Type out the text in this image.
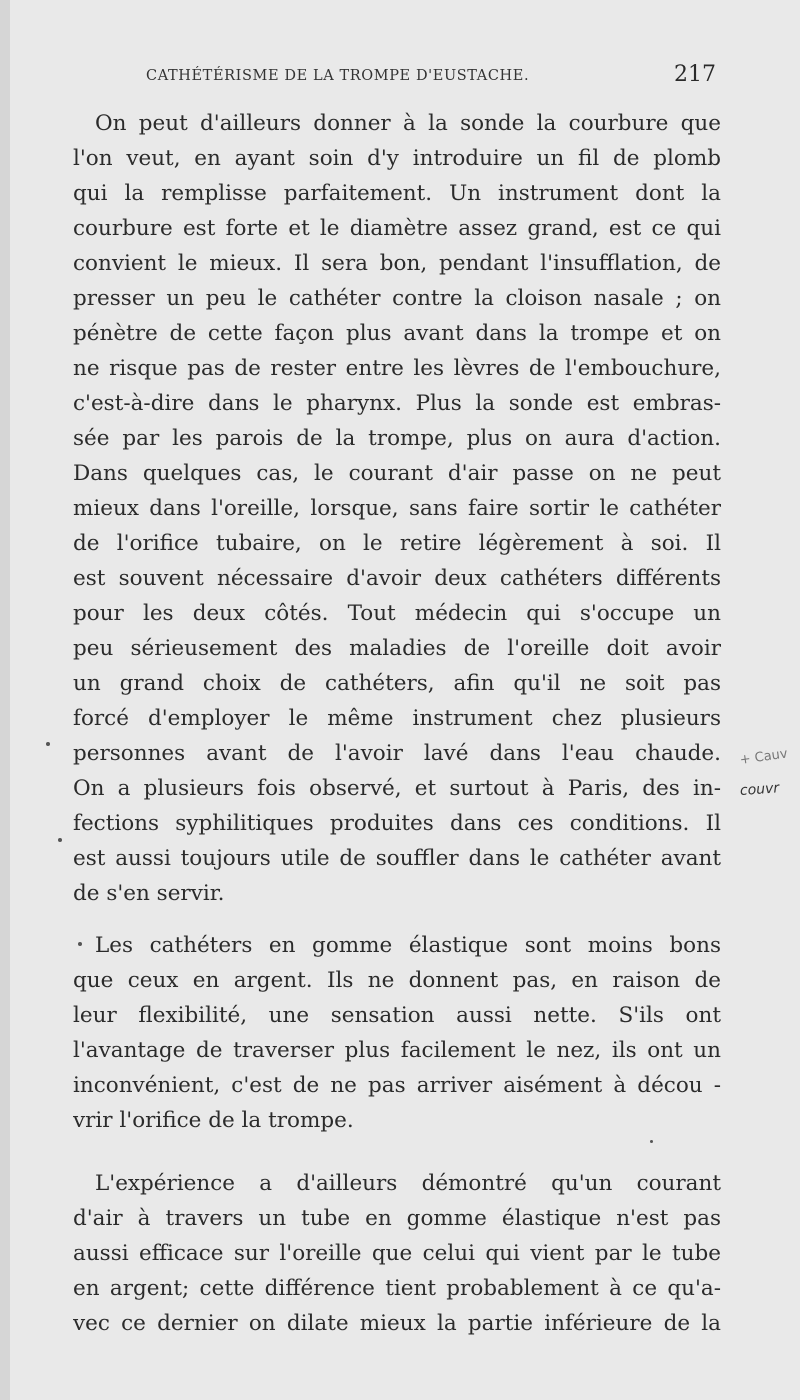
CATHÉTÉRISME DE LA TROMPE D'EUSTACHE.	217
On peut d'ailleurs donner à la sonde la courbure que
l'on veut, en ayant soin d'y introduire un fil de plomb
qui la remplisse parfaitement. Un instrument dont la
courbure est forte et le diamètre assez grand, est ce qui
convient le mieux. Il sera bon, pendant l'insufflation, de
presser un peu le cathéter contre la cloison nasale ; on
pénètre de cette façon plus avant dans la trompe et on
ne risque pas de rester entre les lèvres de l'embouchure,
c'est-à-dire dans le pharynx. Plus la sonde est embras-
sée par les parois de la trompe, plus on aura d'action.
Dans quelques cas, le courant d'air passe on ne peut
mieux dans l'oreille, lorsque, sans faire sortir le cathéter
de l'orifice tubaire, on le retire légèrement à soi. Il
est souvent nécessaire d'avoir deux cathéters différents
pour les deux côtés. Tout médecin qui s'occupe un
peu sérieusement des maladies de l'oreille doit avoir
un grand choix de cathéters, afin qu'il ne soit pas
forcé d'employer le même instrument chez plusieurs
personnes avant de l'avoir lavé dans l'eau chaude.
On a plusieurs fois observé, et surtout à Paris, des in-
fections syphilitiques produites dans ces conditions. Il
est aussi toujours utile de souffler dans le cathéter avant
de s'en servir.
Les cathéters en gomme élastique sont moins bons
que ceux en argent. Ils ne donnent pas, en raison de
leur flexibilité, une sensation aussi nette. S'ils ont
l'avantage de traverser plus facilement le nez, ils ont un
inconvénient, c'est de ne pas arriver aisément à décou -
vrir l'orifice de la trompe.
L'expérience a d'ailleurs démontré qu'un courant
d'air à travers un tube en gomme élastique n'est pas
aussi efficace sur l'oreille que celui qui vient par le tube
en argent; cette différence tient probablement à ce qu'a-
vec ce dernier on dilate mieux la partie inférieure de la
+ Cauv
couvr
